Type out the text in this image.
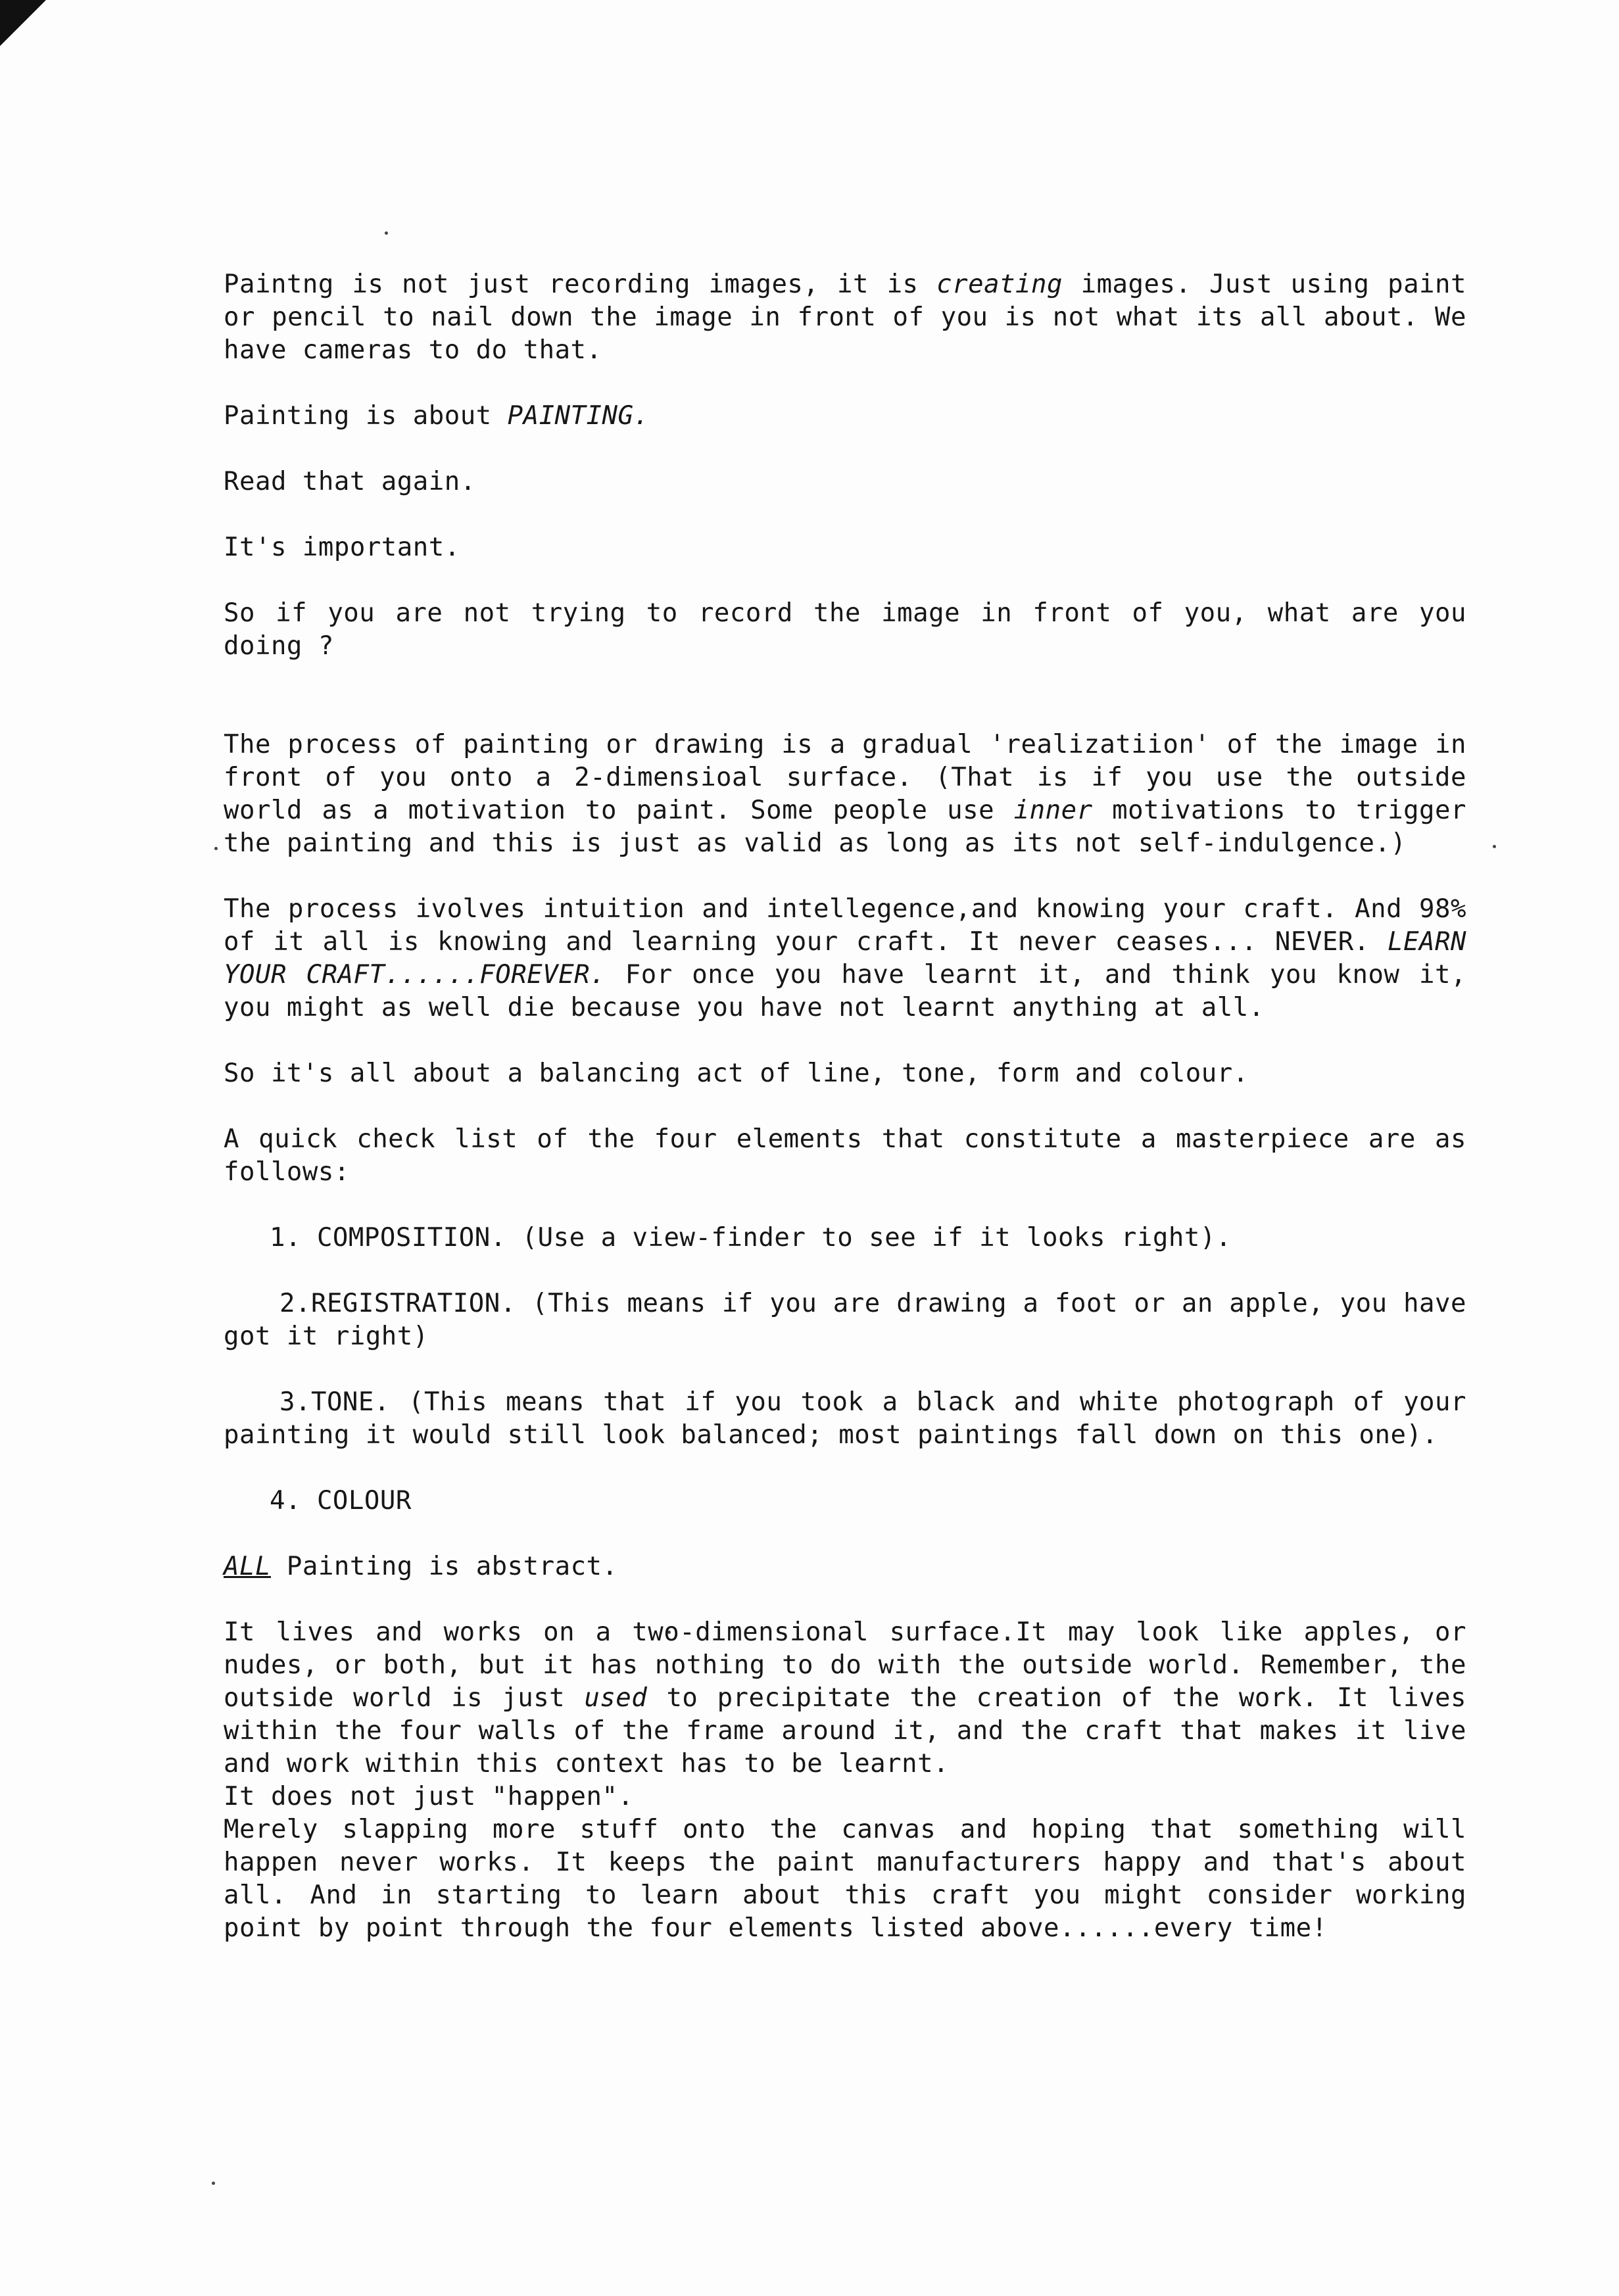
Paintng is not just recording images, it is creating images. Just using paint or pencil to nail down the image in front of you is not what its all about. We have cameras to do that.

Painting is about PAINTING.

Read that again.

It's important.

So if you are not trying to record the image in front of you, what are you doing ?

The process of painting or drawing is a gradual 'realizatiion' of the image in front of you onto a 2-dimensioal surface. (That is if you use the outside world as a motivation to paint. Some people use inner motivations to trigger the painting and this is just as valid as long as its not self-indulgence.)

The process ivolves intuition and intellegence,and knowing your craft. And 98% of it all is knowing and learning your craft. It never ceases... NEVER. LEARN YOUR CRAFT......FOREVER. For once you have learnt it, and think you know it, you might as well die because you have not learnt anything at all.

So it's all about a balancing act of line, tone, form and colour.

A quick check list of the four elements that constitute a masterpiece are as follows:

1. COMPOSITION. (Use a view-finder to see if it looks right).

2.REGISTRATION. (This means if you are drawing a foot or an apple, you have got it right)

3.TONE. (This means that if you took a black and white photograph of your painting it would still look balanced; most paintings fall down on this one).

4. COLOUR

ALL Painting is abstract.

It lives and works on a two-dimensional surface.It may look like apples, or nudes, or both, but it has nothing to do with the outside world. Remember, the outside world is just used to precipitate the creation of the work. It lives within the four walls of the frame around it, and the craft that makes it live and work within this context has to be learnt.

It does not just "happen".

Merely slapping more stuff onto the canvas and hoping that something will happen never works. It keeps the paint manufacturers happy and that's about all. And in starting to learn about this craft you might consider working point by point through the four elements listed above......every time!
